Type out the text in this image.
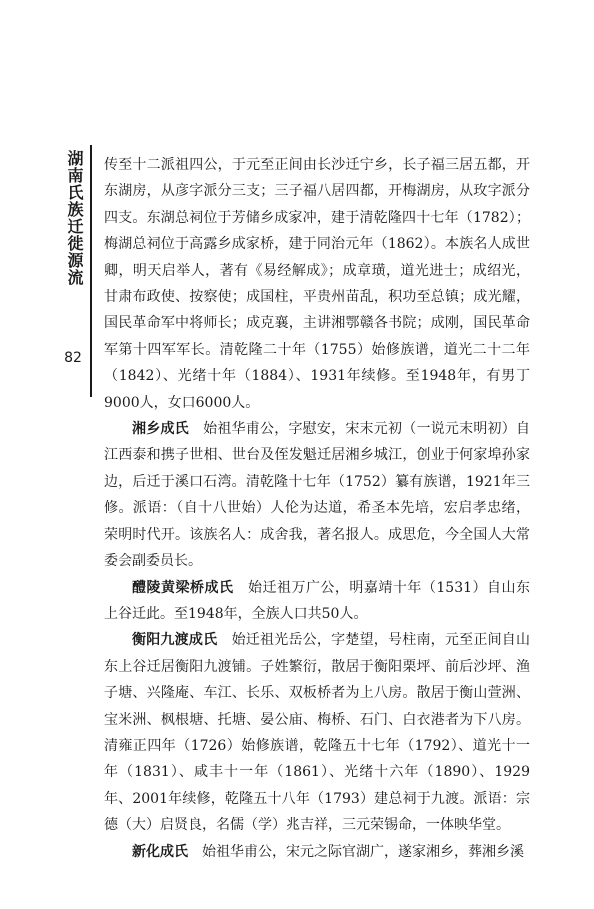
湖南氏族迁徙源流
82

传至十二派祖四公，于元至正间由长沙迁宁乡，长子福三居五都，开东湖房，从彦字派分三支；三子福八居四都，开梅湖房，从玫字派分四支。东湖总祠位于芳储乡成家冲，建于清乾隆四十七年（1782）；梅湖总祠位于高露乡成家桥，建于同治元年（1862）。本族名人成世卿，明天启举人，著有《易经解成》；成章璜，道光进士；成绍光，甘肃布政使、按察使；成国柱，平贵州苗乱，积功至总镇；成光耀，国民革命军中将师长；成克襄，主讲湘鄂赣各书院；成刚，国民革命军第十四军军长。清乾隆二十年（1755）始修族谱，道光二十二年（1842）、光绪十年（1884）、1931年续修。至1948年，有男丁9000人，女口6000人。

湘乡成氏  始祖华甫公，字慰安，宋末元初（一说元末明初）自江西泰和携子世相、世台及侄发魁迁居湘乡城江，创业于何家埠孙家边，后迁于溪口石湾。清乾隆十七年（1752）纂有族谱，1921年三修。派语：（自十八世始）人伦为达道，希圣本先培，宏启孝忠绪，荣明时代开。该族名人：成舍我，著名报人。成思危，今全国人大常委会副委员长。

醴陵黄梁桥成氏  始迁祖万广公，明嘉靖十年（1531）自山东上谷迁此。至1948年，全族人口共50人。

衡阳九渡成氏  始迁祖光岳公，字楚望，号柱南，元至正间自山东上谷迁居衡阳九渡铺。子姓繁衍，散居于衡阳栗坪、前后沙坪、渔子塘、兴隆庵、车江、长乐、双板桥者为上八房。散居于衡山萱洲、宝米洲、枫根塘、托塘、晏公庙、梅桥、石门、白衣港者为下八房。清雍正四年（1726）始修族谱，乾隆五十七年（1792）、道光十一年（1831）、咸丰十一年（1861）、光绪十六年（1890）、1929年、2001年续修，乾隆五十八年（1793）建总祠于九渡。派语：宗德（大）启贤良，名儒（学）兆吉祥，三元荣锡命，一体映华堂。

新化成氏  始祖华甫公，宋元之际官湖广，遂家湘乡，葬湘乡溪
